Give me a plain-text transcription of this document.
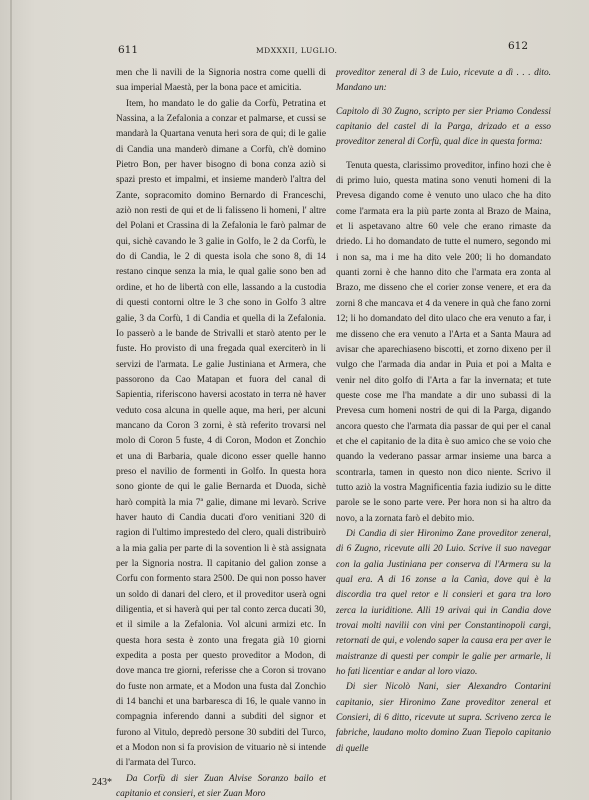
611	MDXXXII, LUGLIO.	612

men che li navili de la Signoria nostra come quelli di sua imperial Maestà, per la bona pace et amicitia.

Item, ho mandato le do galie da Corfù, Petratina et Nassina, a la Zefalonia a conzar et palmarse, et cussi se mandarà la Quartana venuta heri sora de qui; di le galie di Candia una manderò dimane a Corfù, ch'è domino Pietro Bon, per haver bisogno di bona conza aziò si spazi presto et impalmi, et insieme manderò l'altra del Zante, sopracomito domino Bernardo di Franceschi, aziò non resti de qui et de li falisseno li homeni, l' altre del Polani et Crassina di la Zefalonia le farò palmar de qui, sichè cavando le 3 galie in Golfo, le 2 da Corfù, le do di Candia, le 2 di questa isola che sono 8, di 14 restano cinque senza la mia, le qual galie sono ben ad ordine, et ho de libertà con elle, lassando a la custodia di questi contorni oltre le 3 che sono in Golfo 3 altre galie, 3 da Corfù, 1 di Candia et quella di la Zefalonia. Io passerò a le bande de Strivalli et starò atento per le fuste. Ho provisto di una fregada qual exerciterò in li servizi de l'armata. Le galie Justiniana et Armera, che passorono da Cao Matapan et fuora del canal di Sapientia, riferiscono haversi acostato in terra nè haver veduto cosa alcuna in quelle aque, ma heri, per alcuni mancano da Coron 3 zorni, è stà referito trovarsi nel molo di Coron 5 fuste, 4 di Coron, Modon et Zonchio et una di Barbaria, quale dicono esser quelle hanno preso el navilio de formenti in Golfo. In questa hora sono gionte de qui le galie Bernarda et Duoda, sichè harò compità la mia 7ª galie, dimane mi levarò. Scrive haver hauto di Candia ducati d'oro venitiani 320 di ragion di l'ultimo imprestedo del clero, quali distribuirò a la mia galia per parte di la sovention li è stà assignata per la Signoria nostra. Il capitanio del galion zonse a Corfu con formento stara 2500. De qui non posso haver un soldo di danari del clero, et il proveditor userà ogni diligentia, et si haverà qui per tal conto zerca ducati 30, et il simile a la Zefalonia. Vol alcuni armizi etc. In questa hora sesta è zonto una fregata già 10 giorni expedita a posta per questo proveditor a Modon, di dove manca tre giorni, referisse che a Coron si trovano do fuste non armate, et a Modon una fusta dal Zonchio di 14 banchi et una barbaresca di 16, le quale vanno in compagnia inferendo danni a subditi del signor et furono al Vitulo, depredò persone 30 subditi del Turco, et a Modon non si fa provision de vituario nè si intende di l'armata del Turco.

Da Corfù di sier Zuan Alvise Soranzo bailo et capitanio et consieri, et sier Zuan Moro

243*

proveditor zeneral di 3 de Luio, ricevute a dì . . . dito. Mandano un:

Capitolo di 30 Zugno, scripto per sier Priamo Condessi capitanio del castel di la Parga, drizado et a esso proveditor zeneral di Corfù, qual dice in questa forma:

Tenuta questa, clarissimo proveditor, infino hozi che è di primo luio, questa matina sono venuti homeni di la Prevesa digando come è venuto uno ulaco che ha dito come l'armata era la più parte zonta al Brazo de Maina, et li aspetavano altre 60 vele che erano rimaste da driedo. Li ho domandato de tutte el numero, segondo mi i non sa, ma i me ha dito vele 200; li ho domandato quanti zorni è che hanno dito che l'armata era zonta al Brazo, me disseno che el corier zonse venere, et era da zorni 8 che mancava et 4 da venere in quà che fano zorni 12; li ho domandato del dito ulaco che era venuto a far, i me disseno che era venuto a l'Arta et a Santa Maura ad avisar che aparechiaseno biscotti, et zorno dixeno per il vulgo che l'armada dia andar in Puia et poi a Malta e venir nel dito golfo di l'Arta a far la invernata; et tute queste cose me l'ha mandate a dir uno subassi di la Prevesa cum homeni nostri de qui di la Parga, digando ancora questo che l'armata dia passar de qui per el canal et che el capitanio de la dita è suo amico che se voio che quando la vederano passar armar insieme una barca a scontrarla, tamen in questo non dico niente. Scrivo il tutto aziò la vostra Magnificentia fazia iudizio su le ditte parole se le sono parte vere. Per hora non si ha altro da novo, a la zornata farò el debito mio.

Di Candia di sier Hironimo Zane proveditor zeneral, di 6 Zugno, ricevute alli 20 Luio. Scrive il suo navegar con la galia Justiniana per conserva di l'Armera su la qual era. A di 16 zonse a la Canìa, dove qui è la discordia tra quel retor e li consieri et gara tra loro zerca la iuriditione. Alli 19 arivai qui in Candia dove trovai molti navilii con vini per Constantinopoli cargi, retornati de qui, e volendo saper la causa era per aver le maistranze di questi per compir le galie per armarle, li ho fati licentiar e andar al loro viazo.

Di sier Nicolò Nani, sier Alexandro Contarini capitanio, sier Hironimo Zane proveditor zeneral et Consieri, di 6 ditto, ricevute ut supra. Scriveno zerca le fabriche, laudano molto domino Zuan Tiepolo capitanio di quelle
